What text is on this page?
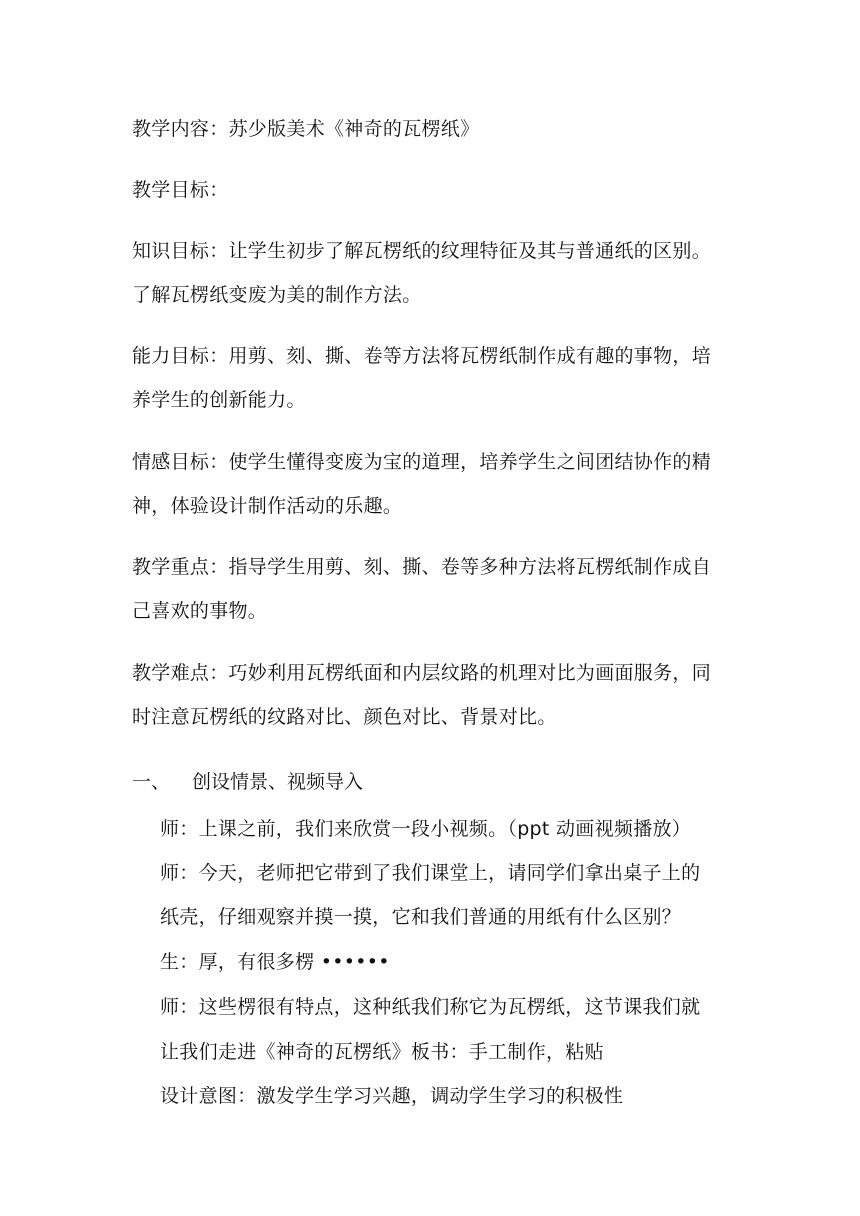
教学内容：苏少版美术《神奇的瓦楞纸》
教学目标：
知识目标：让学生初步了解瓦楞纸的纹理特征及其与普通纸的区别。
了解瓦楞纸变废为美的制作方法。
能力目标：用剪、刻、撕、卷等方法将瓦楞纸制作成有趣的事物，培
养学生的创新能力。
情感目标：使学生懂得变废为宝的道理，培养学生之间团结协作的精
神，体验设计制作活动的乐趣。
教学重点：指导学生用剪、刻、撕、卷等多种方法将瓦楞纸制作成自
己喜欢的事物。
教学难点：巧妙利用瓦楞纸面和内层纹路的机理对比为画面服务，同
时注意瓦楞纸的纹路对比、颜色对比、背景对比。
一、 创设情景、视频导入
师：上课之前，我们来欣赏一段小视频。（ppt 动画视频播放）
师：今天，老师把它带到了我们课堂上，请同学们拿出桌子上的
纸壳，仔细观察并摸一摸，它和我们普通的用纸有什么区别？
生：厚，有很多楞 ••••••
师：这些楞很有特点，这种纸我们称它为瓦楞纸，这节课我们就
让我们走进《神奇的瓦楞纸》板书：手工制作，粘贴
设计意图：激发学生学习兴趣，调动学生学习的积极性
